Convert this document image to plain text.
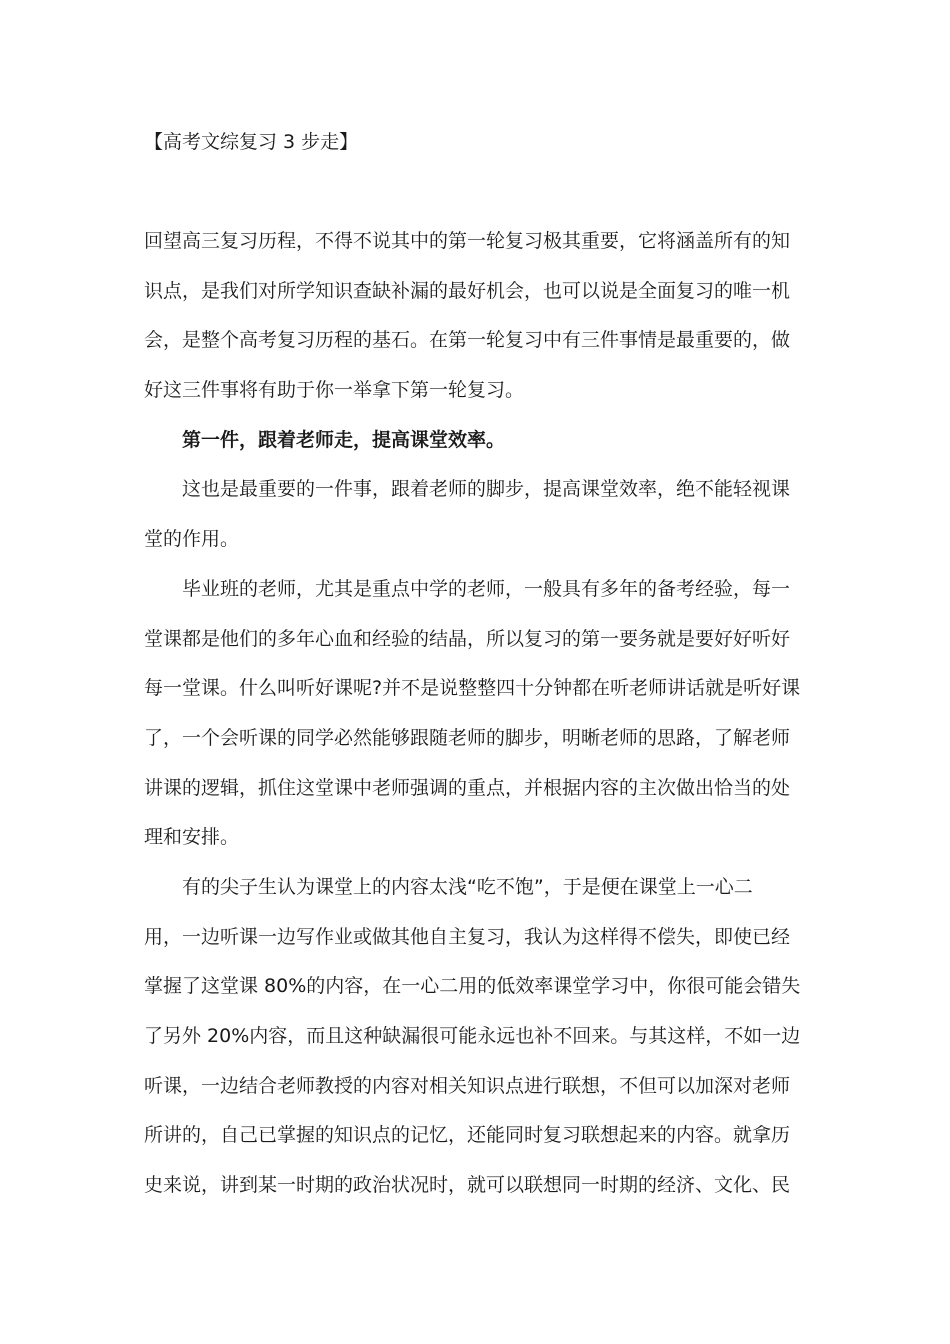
【高考文综复习 3 步走】
回望高三复习历程，不得不说其中的第一轮复习极其重要，它将涵盖所有的知
识点，是我们对所学知识查缺补漏的最好机会，也可以说是全面复习的唯一机
会，是整个高考复习历程的基石。在第一轮复习中有三件事情是最重要的，做
好这三件事将有助于你一举拿下第一轮复习。
第一件，跟着老师走，提高课堂效率。
这也是最重要的一件事，跟着老师的脚步，提高课堂效率，绝不能轻视课
堂的作用。
毕业班的老师，尤其是重点中学的老师，一般具有多年的备考经验，每一
堂课都是他们的多年心血和经验的结晶，所以复习的第一要务就是要好好听好
每一堂课。什么叫听好课呢?并不是说整整四十分钟都在听老师讲话就是听好课
了，一个会听课的同学必然能够跟随老师的脚步，明晰老师的思路，了解老师
讲课的逻辑，抓住这堂课中老师强调的重点，并根据内容的主次做出恰当的处
理和安排。
有的尖子生认为课堂上的内容太浅“吃不饱”，于是便在课堂上一心二
用，一边听课一边写作业或做其他自主复习，我认为这样得不偿失，即使已经
掌握了这堂课 80%的内容，在一心二用的低效率课堂学习中，你很可能会错失
了另外 20%内容，而且这种缺漏很可能永远也补不回来。与其这样，不如一边
听课，一边结合老师教授的内容对相关知识点进行联想，不但可以加深对老师
所讲的，自己已掌握的知识点的记忆，还能同时复习联想起来的内容。就拿历
史来说，讲到某一时期的政治状况时，就可以联想同一时期的经济、文化、民
